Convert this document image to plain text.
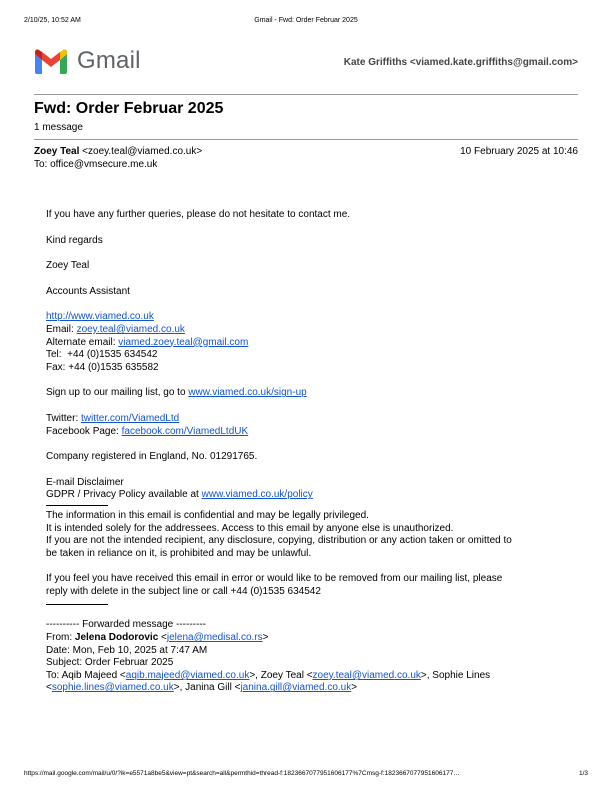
2/10/25, 10:52 AM	Gmail - Fwd: Order Februar 2025
Gmail	Kate Griffiths <viamed.kate.griffiths@gmail.com>
Fwd: Order Februar 2025
1 message
Zoey Teal <zoey.teal@viamed.co.uk>	10 February 2025 at 10:46
To: office@vmsecure.me.uk

If you have any further queries, please do not hesitate to contact me.

Kind regards

Zoey Teal

Accounts Assistant

http://www.viamed.co.uk
Email: zoey.teal@viamed.co.uk
Alternate email: viamed.zoey.teal@gmail.com
Tel:  +44 (0)1535 634542
Fax: +44 (0)1535 635582

Sign up to our mailing list, go to www.viamed.co.uk/sign-up

Twitter: twitter.com/ViamedLtd
Facebook Page: facebook.com/ViamedLtdUK

Company registered in England, No. 01291765.

E-mail Disclaimer
GDPR / Privacy Policy available at www.viamed.co.uk/policy

The information in this email is confidential and may be legally privileged.
It is intended solely for the addressees. Access to this email by anyone else is unauthorized.
If you are not the intended recipient, any disclosure, copying, distribution or any action taken or omitted to
be taken in reliance on it, is prohibited and may be unlawful.

If you feel you have received this email in error or would like to be removed from our mailing list, please
reply with delete in the subject line or call +44 (0)1535 634542

---------- Forwarded message ---------
From: Jelena Dodorovic <jelena@medisal.co.rs>
Date: Mon, Feb 10, 2025 at 7:47 AM
Subject: Order Februar 2025
To: Aqib Majeed <aqib.majeed@viamed.co.uk>, Zoey Teal <zoey.teal@viamed.co.uk>, Sophie Lines
<sophie.lines@viamed.co.uk>, Janina Gill <janina.gill@viamed.co.uk>
https://mail.google.com/mail/u/0/?ik=e5571a8be5&view=pt&search=all&permthid=thread-f:1823667077951606177%7Cmsg-f:1823667077951606177…	1/3
